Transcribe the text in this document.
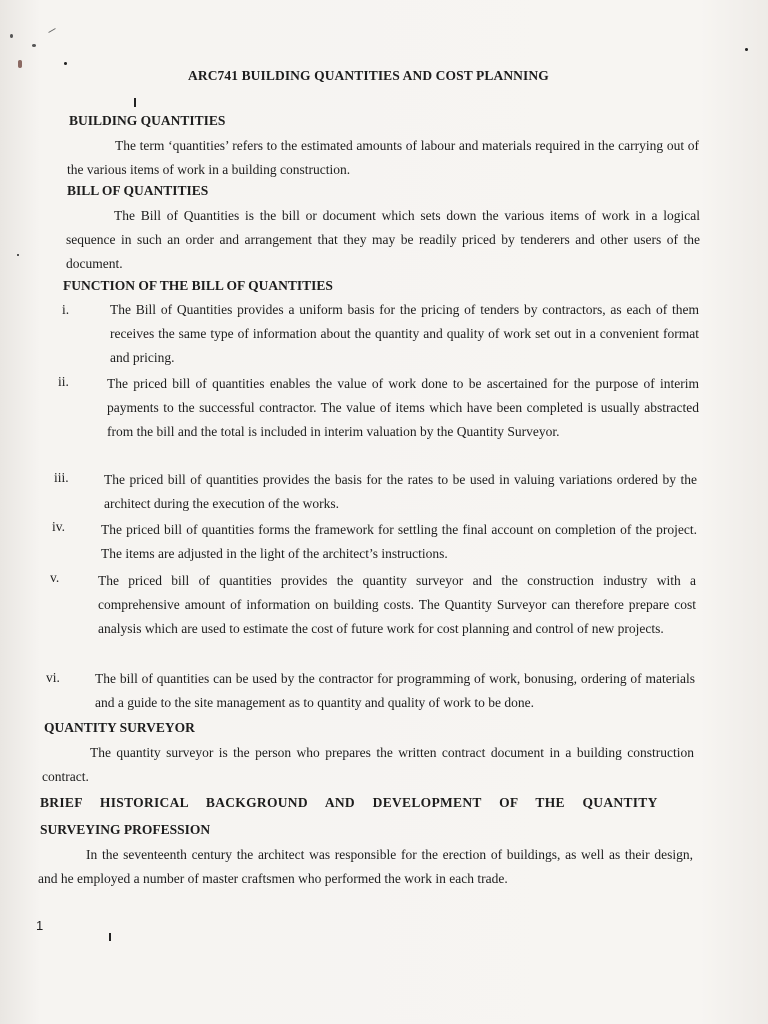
ARC741 BUILDING QUANTITIES AND COST PLANNING
BUILDING QUANTITIES
The term ‘quantities’ refers to the estimated amounts of labour and materials required in the carrying out of the various items of work in a building construction.
BILL OF QUANTITIES
The Bill of Quantities is the bill or document which sets down the various items of work in a logical sequence in such an order and arrangement that they may be readily priced by tenderers and other users of the document.
FUNCTION OF THE BILL OF QUANTITIES
i.	The Bill of Quantities provides a uniform basis for the pricing of tenders by contractors, as each of them receives the same type of information about the quantity and quality of work set out in a convenient format and pricing.
ii.	The priced bill of quantities enables the value of work done to be ascertained for the purpose of interim payments to the successful contractor. The value of items which have been completed is usually abstracted from the bill and the total is included in interim valuation by the Quantity Surveyor.
iii.	The priced bill of quantities provides the basis for the rates to be used in valuing variations ordered by the architect during the execution of the works.
iv.	The priced bill of quantities forms the framework for settling the final account on completion of the project. The items are adjusted in the light of the architect’s instructions.
v.	The priced bill of quantities provides the quantity surveyor and the construction industry with a comprehensive amount of information on building costs. The Quantity Surveyor can therefore prepare cost analysis which are used to estimate the cost of future work for cost planning and control of new projects.
vi.	The bill of quantities can be used by the contractor for programming of work, bonusing, ordering of materials and a guide to the site management as to quantity and quality of work to be done.
QUANTITY SURVEYOR
The quantity surveyor is the person who prepares the written contract document in a building construction contract.
BRIEF HISTORICAL BACKGROUND AND DEVELOPMENT OF THE QUANTITY
SURVEYING PROFESSION
In the seventeenth century the architect was responsible for the erection of buildings, as well as their design, and he employed a number of master craftsmen who performed the work in each trade.
1
